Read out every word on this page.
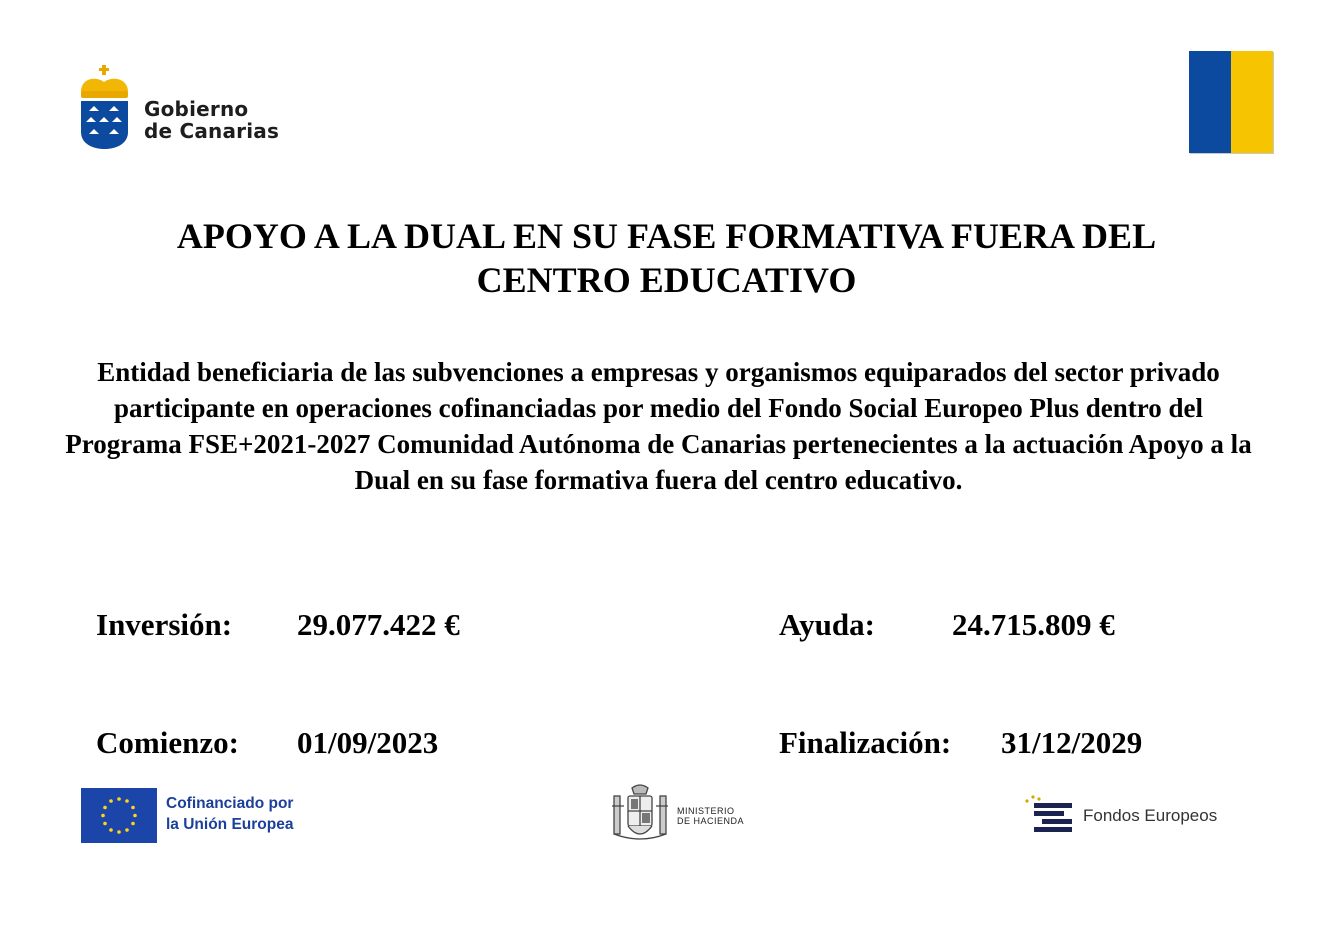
Gobierno
de Canarias
APOYO A LA DUAL EN SU FASE FORMATIVA FUERA DEL
CENTRO EDUCATIVO

Entidad beneficiaria de las subvenciones a empresas y organismos equiparados del sector privado participante en operaciones cofinanciadas por medio del Fondo Social Europeo Plus dentro del Programa FSE+2021-2027 Comunidad Autónoma de Canarias pertenecientes a la actuación Apoyo a la Dual en su fase formativa fuera del centro educativo.

Inversión: 29.077.422 €	Ayuda: 24.715.809 €
Comienzo: 01/09/2023	Finalización: 31/12/2029
Cofinanciado por
la Unión Europea
MINISTERIO
DE HACIENDA	Fondos Europeos
